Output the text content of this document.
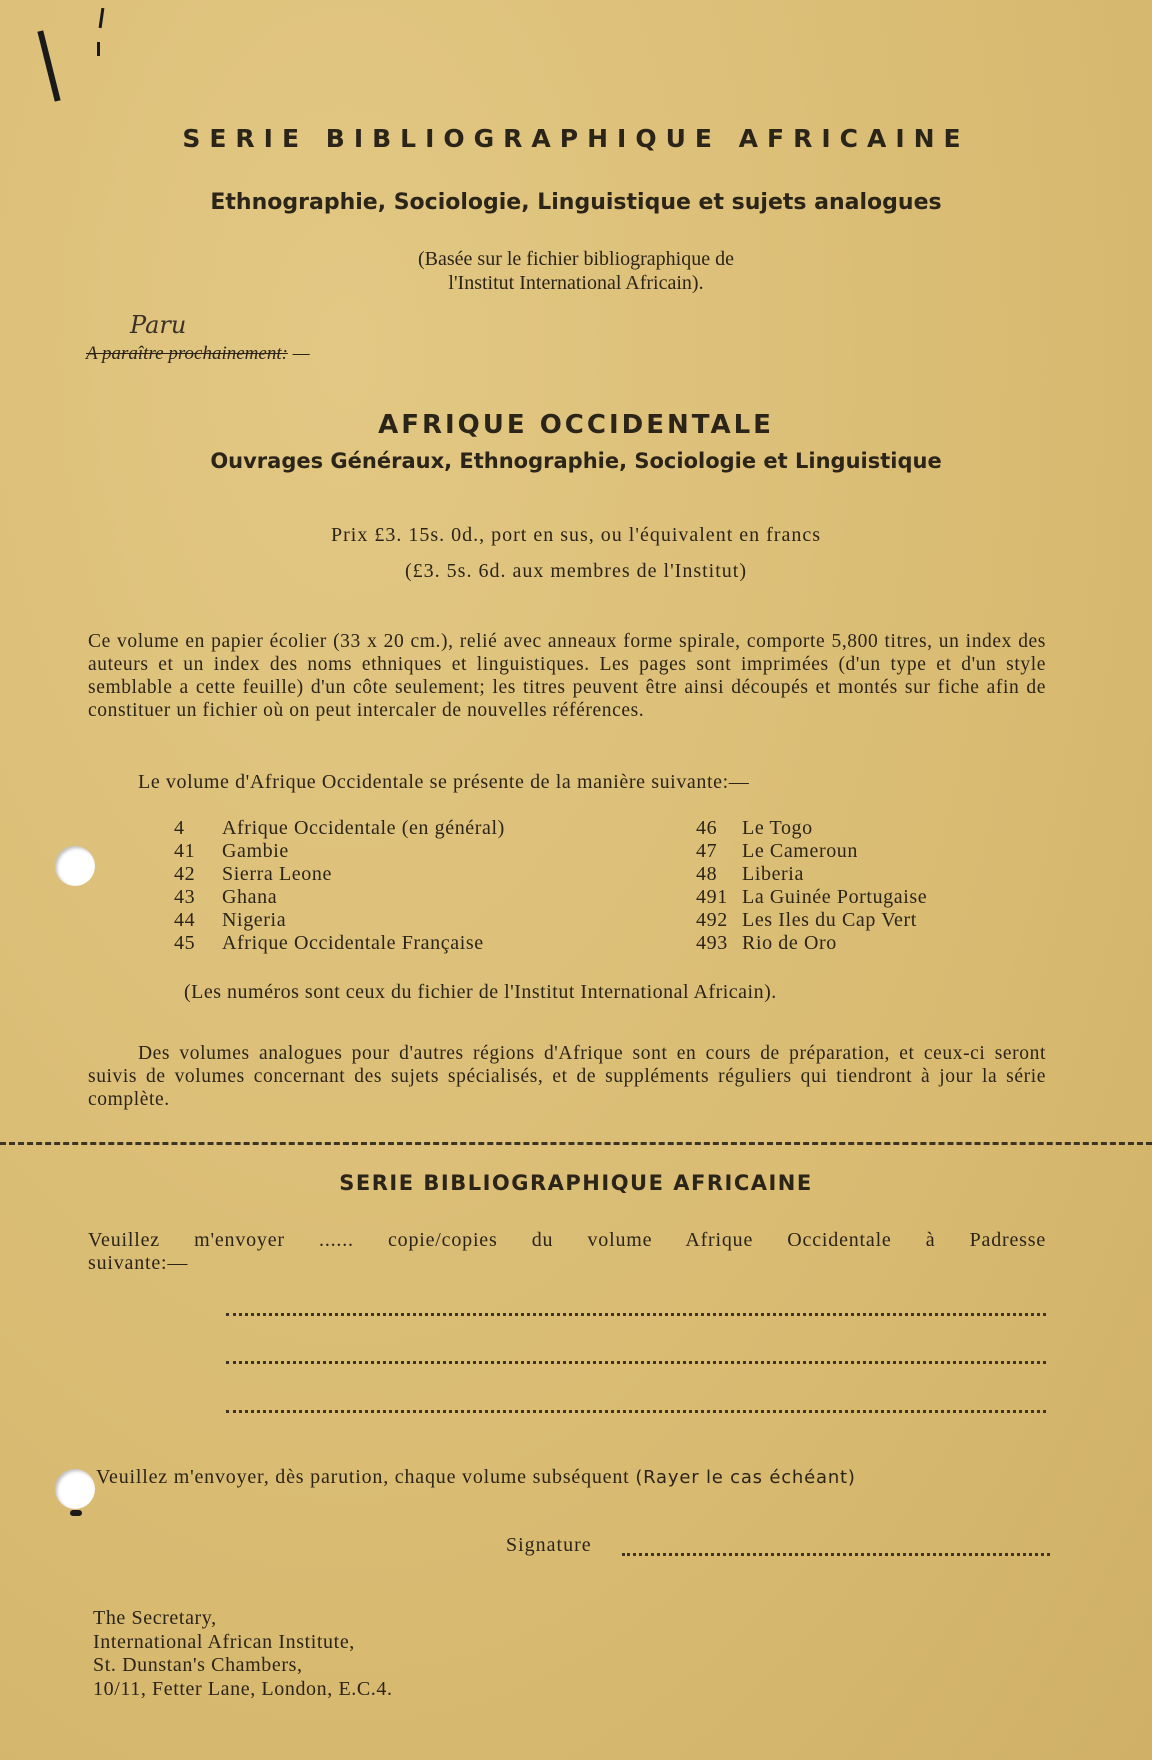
SERIE BIBLIOGRAPHIQUE AFRICAINE
Ethnographie, Sociologie, Linguistique et sujets analogues
(Basée sur le fichier bibliographique de
l'Institut International Africain).
Paru
A paraître prochainement: —
AFRIQUE OCCIDENTALE
Ouvrages Généraux, Ethnographie, Sociologie et Linguistique
Prix £3. 15s. 0d., port en sus, ou l'équivalent en francs
(£3. 5s. 6d. aux membres de l'Institut)
Ce volume en papier écolier (33 x 20 cm.), relié avec anneaux forme spirale, comporte 5,800 titres, un index des auteurs et un index des noms ethniques et linguistiques. Les pages sont imprimées (d'un type et d'un style semblable a cette feuille) d'un côte seulement; les titres peuvent être ainsi découpés et montés sur fiche afin de constituer un fichier où on peut intercaler de nouvelles références.
Le volume d'Afrique Occidentale se présente de la manière suivante:—
4 Afrique Occidentale (en général)
41 Gambie
42 Sierra Leone
43 Ghana
44 Nigeria
45 Afrique Occidentale Française
46 Le Togo
47 Le Cameroun
48 Liberia
491 La Guinée Portugaise
492 Les Iles du Cap Vert
493 Rio de Oro
(Les numéros sont ceux du fichier de l'Institut International Africain).
Des volumes analogues pour d'autres régions d'Afrique sont en cours de préparation, et ceux-ci seront suivis de volumes concernant des sujets spécialisés, et de suppléments réguliers qui tiendront à jour la série complète.
SERIE BIBLIOGRAPHIQUE AFRICAINE
Veuillez m'envoyer ...... copie/copies du volume Afrique Occidentale à Padresse
suivante:—
Veuillez m'envoyer, dès parution, chaque volume subséquent (Rayer le cas échéant)
Signature
The Secretary,
International African Institute,
St. Dunstan's Chambers,
10/11, Fetter Lane, London, E.C.4.
